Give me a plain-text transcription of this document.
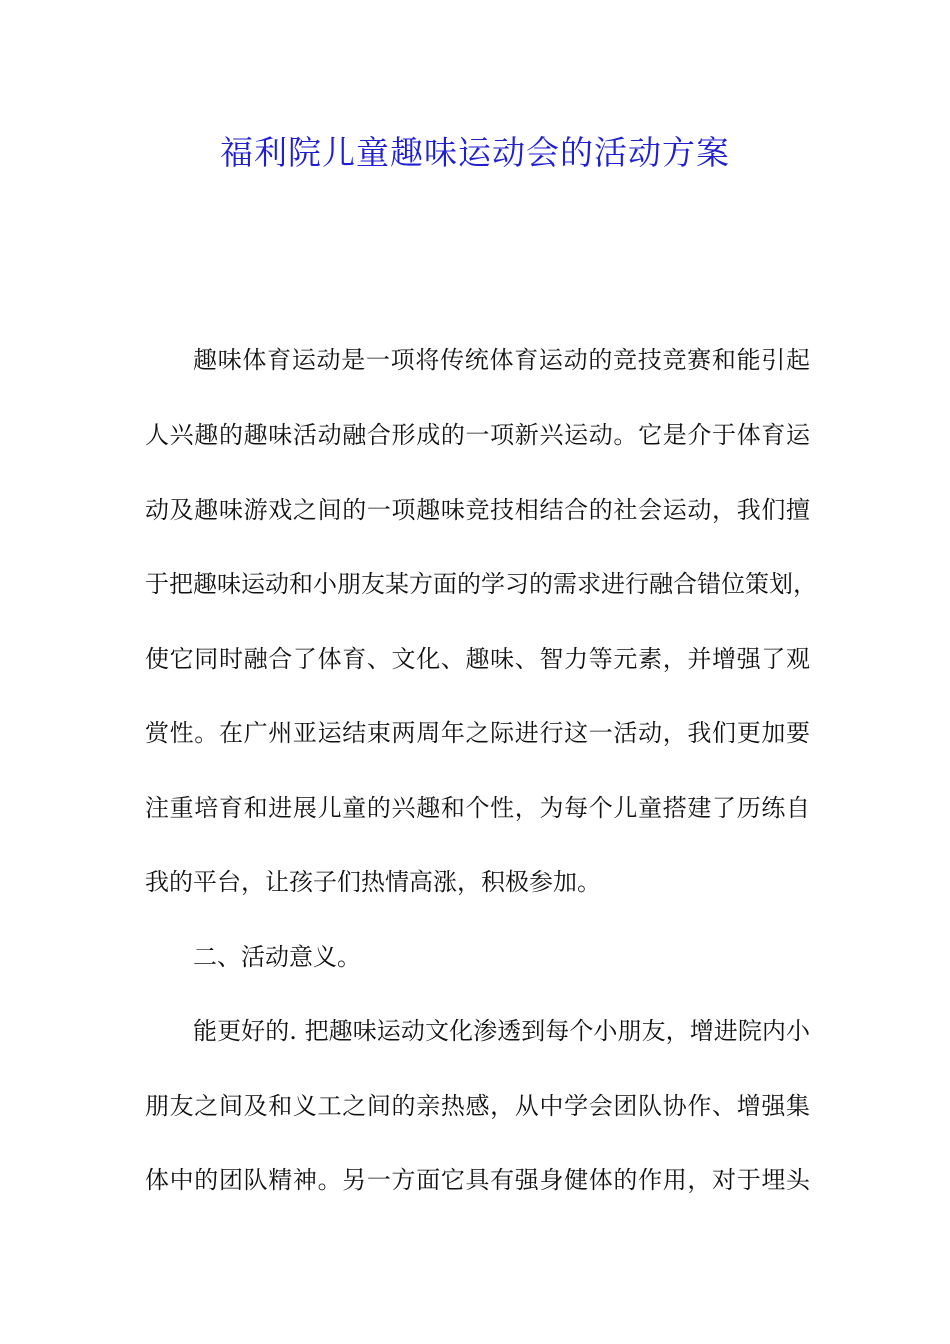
福利院儿童趣味运动会的活动方案
趣味体育运动是一项将传统体育运动的竞技竞赛和能引起
人兴趣的趣味活动融合形成的一项新兴运动。它是介于体育运
动及趣味游戏之间的一项趣味竞技相结合的社会运动，我们擅
于把趣味运动和小朋友某方面的学习的需求进行融合错位策划，
使它同时融合了体育、文化、趣味、智力等元素，并增强了观
赏性。在广州亚运结束两周年之际进行这一活动，我们更加要
注重培育和进展儿童的兴趣和个性，为每个儿童搭建了历练自
我的平台，让孩子们热情高涨，积极参加。
二、活动意义。
能更好的. 把趣味运动文化渗透到每个小朋友，增进院内小
朋友之间及和义工之间的亲热感，从中学会团队协作、增强集
体中的团队精神。另一方面它具有强身健体的作用，对于埋头
